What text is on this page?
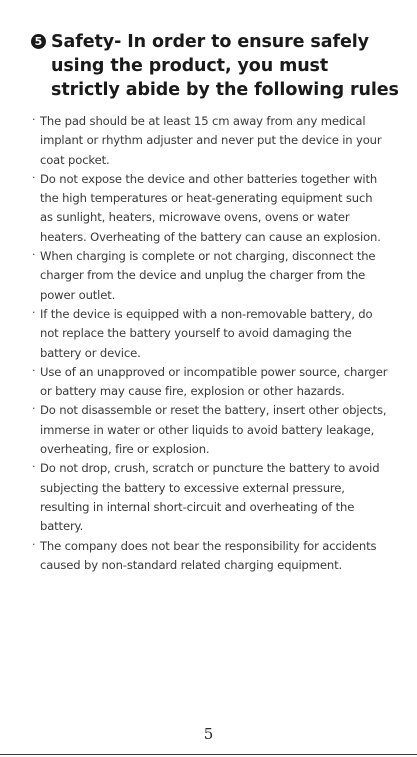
5 Safety- In order to ensure safely using the product, you must strictly abide by the following rules
· The pad should be at least 15 cm away from any medical implant or rhythm adjuster and never put the device in your coat pocket.
· Do not expose the device and other batteries together with the high temperatures or heat-generating equipment such as sunlight, heaters, microwave ovens, ovens or water heaters. Overheating of the battery can cause an explosion.
· When charging is complete or not charging, disconnect the charger from the device and unplug the charger from the power outlet.
· If the device is equipped with a non-removable battery, do not replace the battery yourself to avoid damaging the battery or device.
· Use of an unapproved or incompatible power source, charger or battery may cause fire, explosion or other hazards.
· Do not disassemble or reset the battery, insert other objects, immerse in water or other liquids to avoid battery leakage, overheating, fire or explosion.
· Do not drop, crush, scratch or puncture the battery to avoid subjecting the battery to excessive external pressure, resulting in internal short-circuit and overheating of the battery.
· The company does not bear the responsibility for accidents caused by non-standard related charging equipment.
5
